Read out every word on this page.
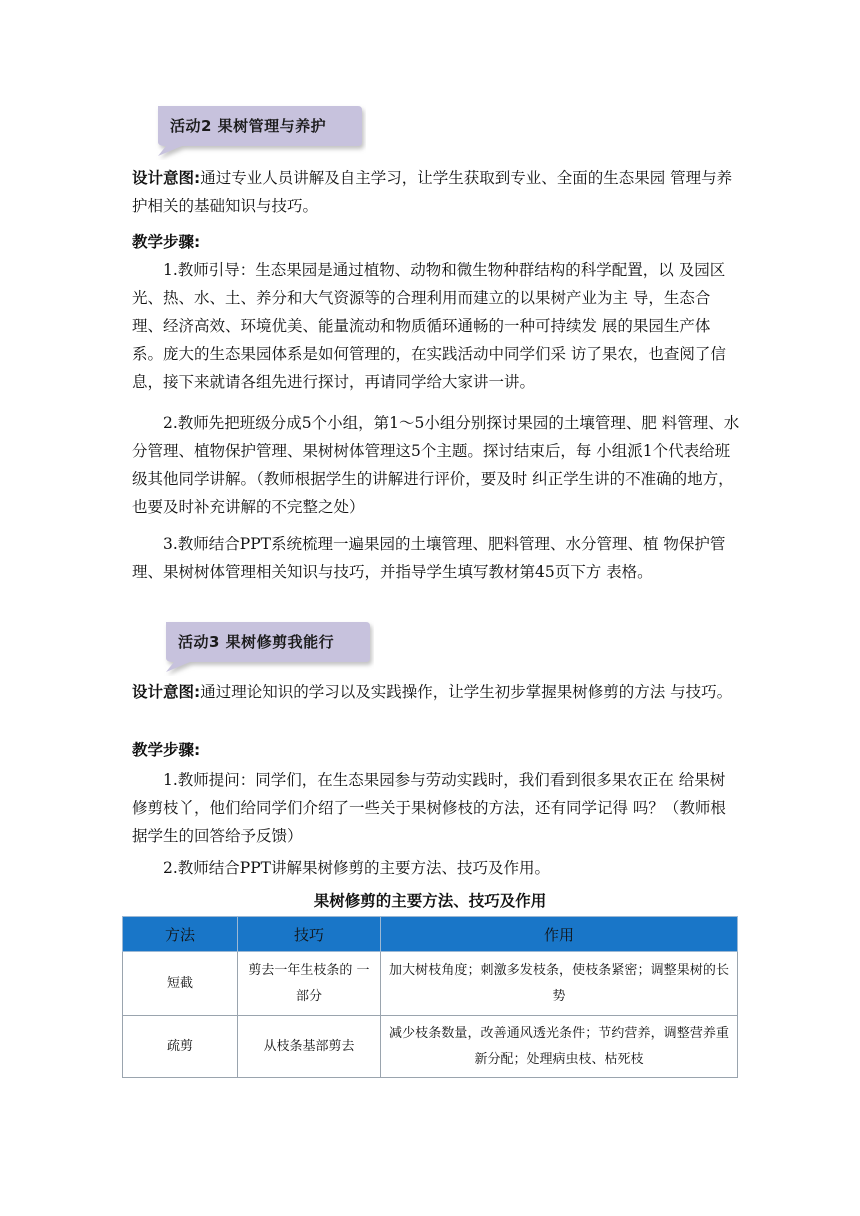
活动2 果树管理与养护

设计意图:通过专业人员讲解及自主学习，让学生获取到专业、全面的生态果园 管理与养护相关的基础知识与技巧。

教学步骤:

1.教师引导：生态果园是通过植物、动物和微生物种群结构的科学配置，以 及园区光、热、水、土、养分和大气资源等的合理利用而建立的以果树产业为主 导，生态合理、经济高效、环境优美、能量流动和物质循环通畅的一种可持续发 展的果园生产体系。庞大的生态果园体系是如何管理的，在实践活动中同学们采 访了果农，也查阅了信息，接下来就请各组先进行探讨，再请同学给大家讲一讲。

2.教师先把班级分成5个小组，第1～5小组分别探讨果园的土壤管理、肥 料管理、水分管理、植物保护管理、果树树体管理这5个主题。探讨结束后，每 小组派1个代表给班级其他同学讲解。（教师根据学生的讲解进行评价，要及时 纠正学生讲的不准确的地方，也要及时补充讲解的不完整之处）

3.教师结合PPT系统梳理一遍果园的土壤管理、肥料管理、水分管理、植 物保护管理、果树树体管理相关知识与技巧，并指导学生填写教材第45页下方 表格。

活动3 果树修剪我能行

设计意图:通过理论知识的学习以及实践操作，让学生初步掌握果树修剪的方法 与技巧。

教学步骤:

1.教师提问：同学们，在生态果园参与劳动实践时，我们看到很多果农正在 给果树修剪枝丫，他们给同学们介绍了一些关于果树修枝的方法，还有同学记得 吗？（教师根据学生的回答给予反馈）

2.教师结合PPT讲解果树修剪的主要方法、技巧及作用。

果树修剪的主要方法、技巧及作用
方法	技巧	作用
短截	剪去一年生枝条的 一部分	加大树枝角度；刺激多发枝条，使枝条紧密；调整果树的长势
疏剪	从枝条基部剪去	减少枝条数量，改善通风透光条件；节约营养，调整营养重新分配；处理病虫枝、枯死枝
